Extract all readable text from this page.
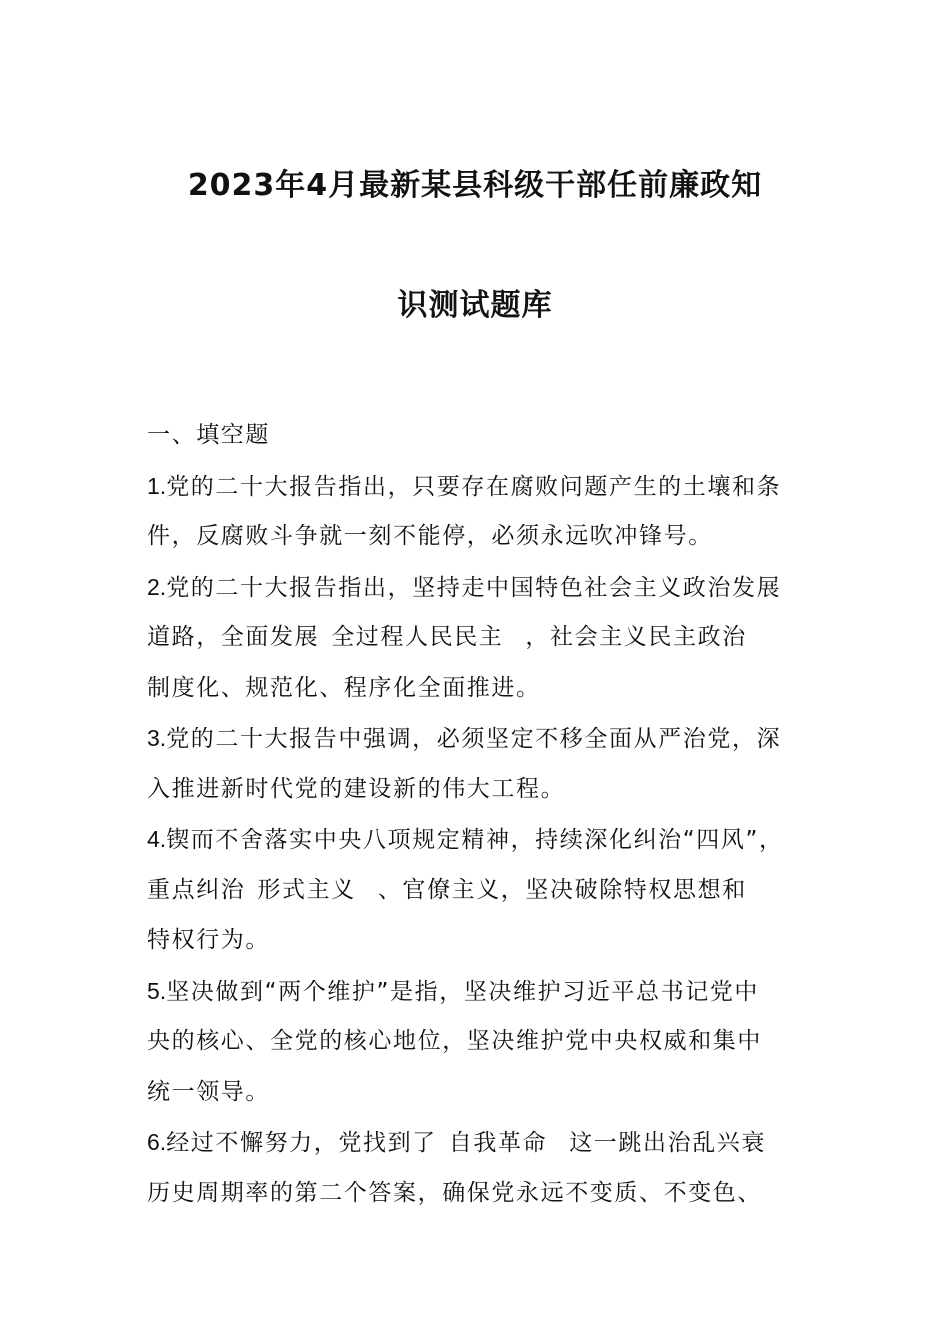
2023年4月最新某县科级干部任前廉政知
识测试题库
一、填空题
1.党的二十大报告指出，只要存在腐败问题产生的土壤和条
件，反腐败斗争就一刻不能停，必须永远吹冲锋号。
2.党的二十大报告指出，坚持走中国特色社会主义政治发展
道路，全面发展 全过程人民民主 ，社会主义民主政治
制度化、规范化、程序化全面推进。
3.党的二十大报告中强调，必须坚定不移全面从严治党，深
入推进新时代党的建设新的伟大工程。
4.锲而不舍落实中央八项规定精神，持续深化纠治“四风”，
重点纠治 形式主义 、官僚主义，坚决破除特权思想和
特权行为。
5.坚决做到“两个维护”是指，坚决维护习近平总书记党中
央的核心、全党的核心地位，坚决维护党中央权威和集中
统一领导。
6.经过不懈努力，党找到了 自我革命 这一跳出治乱兴衰
历史周期率的第二个答案，确保党永远不变质、不变色、
